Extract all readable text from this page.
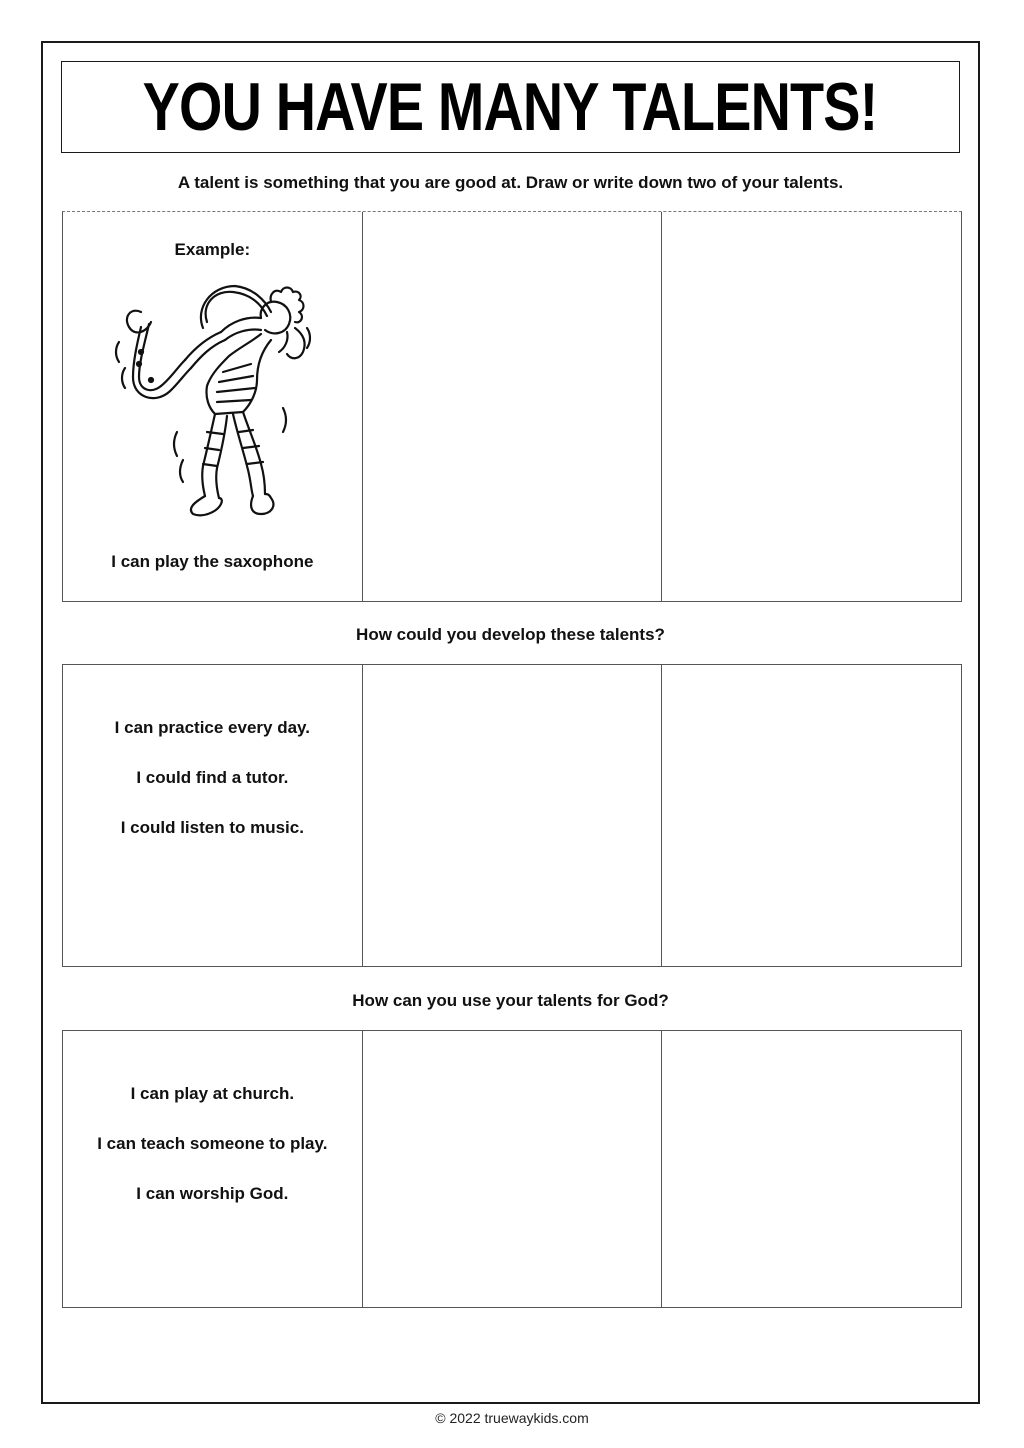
YOU HAVE MANY TALENTS!
A talent is something that you are good at. Draw or write down two of your talents.
Example:
I can play the saxophone
How could you develop these talents?
I can practice every day.
I could find a tutor.
I could listen to music.
How can you use your talents for God?
I can play at church.
I can teach someone to play.
I can worship God.
© 2022 truewaykids.com
